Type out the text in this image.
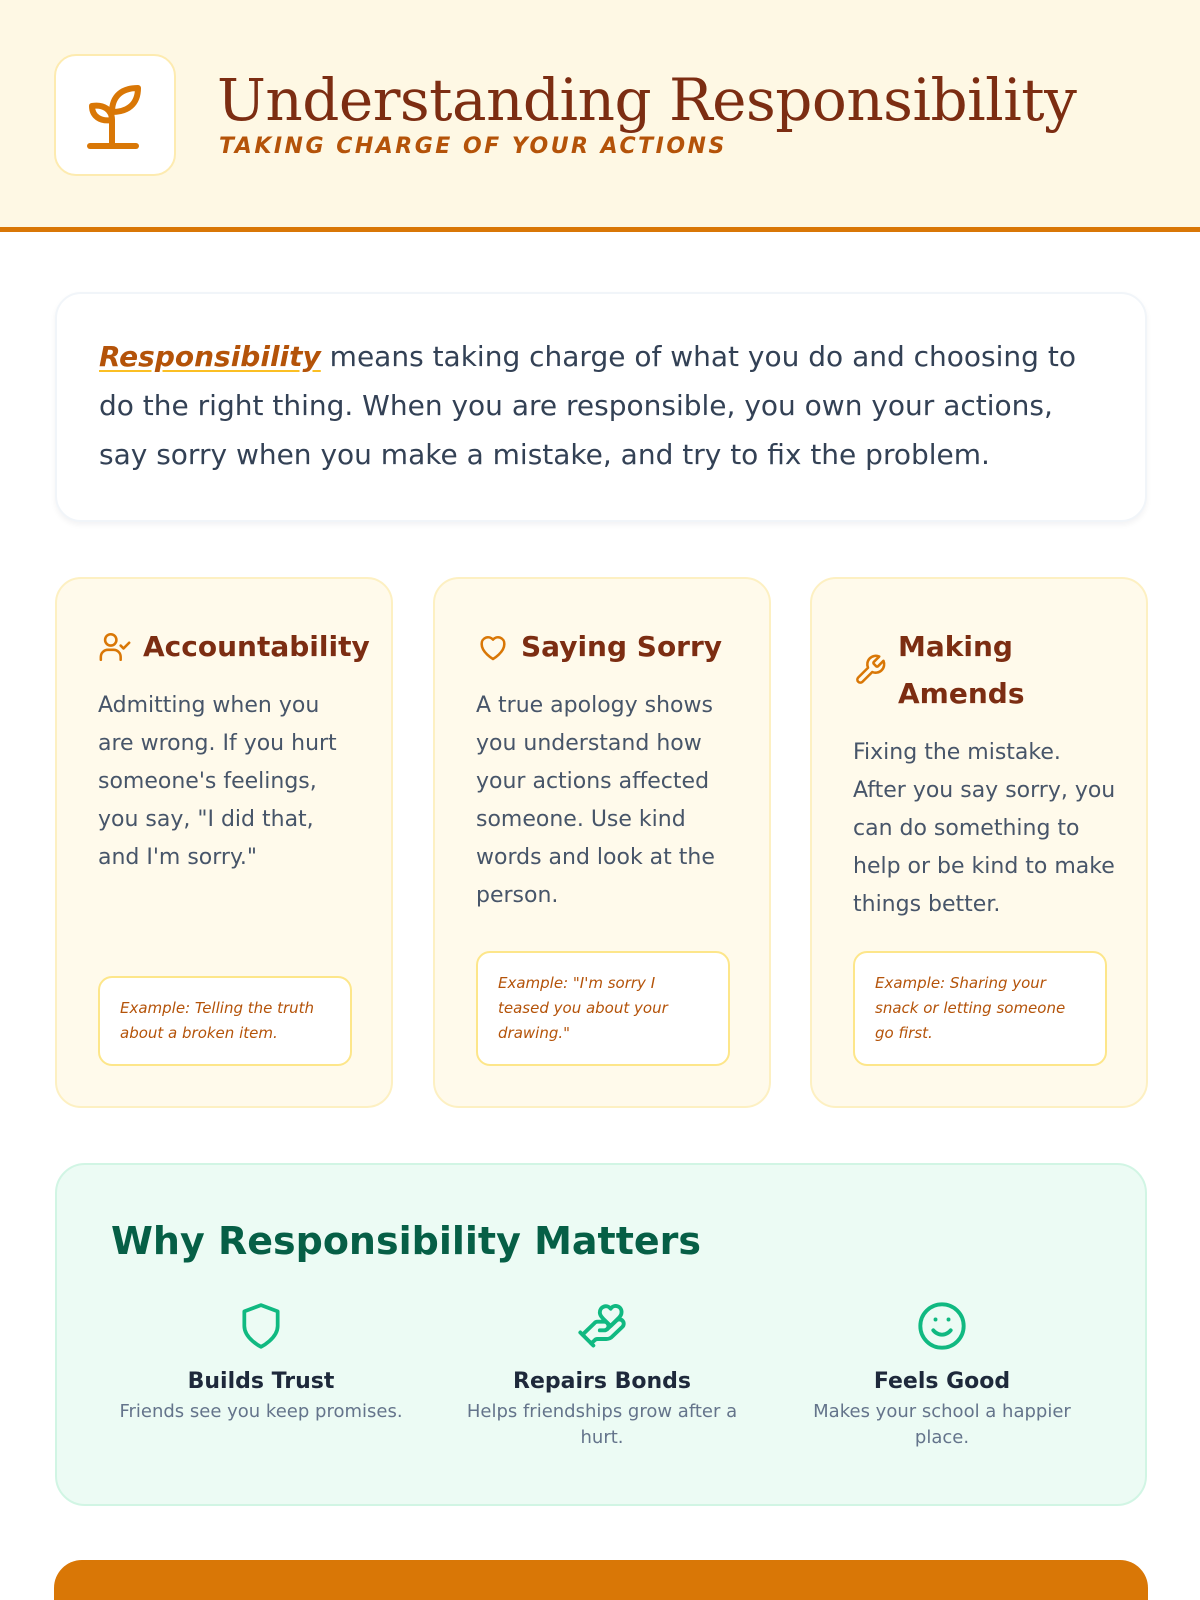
Understanding Responsibility
TAKING CHARGE OF YOUR ACTIONS
Responsibility means taking charge of what you do and choosing to do the right thing. When you are responsible, you own your actions, say sorry when you make a mistake, and try to fix the problem.
Accountability
Admitting when you are wrong. If you hurt someone's feelings, you say, "I did that, and I'm sorry."
Example: Telling the truth about a broken item.
Saying Sorry
A true apology shows you understand how your actions affected someone. Use kind words and look at the person.
Example: "I'm sorry I teased you about your drawing."
Making Amends
Fixing the mistake. After you say sorry, you can do something to help or be kind to make things better.
Example: Sharing your snack or letting someone go first.
Why Responsibility Matters
Builds Trust
Friends see you keep promises.
Repairs Bonds
Helps friendships grow after a hurt.
Feels Good
Makes your school a happier place.
